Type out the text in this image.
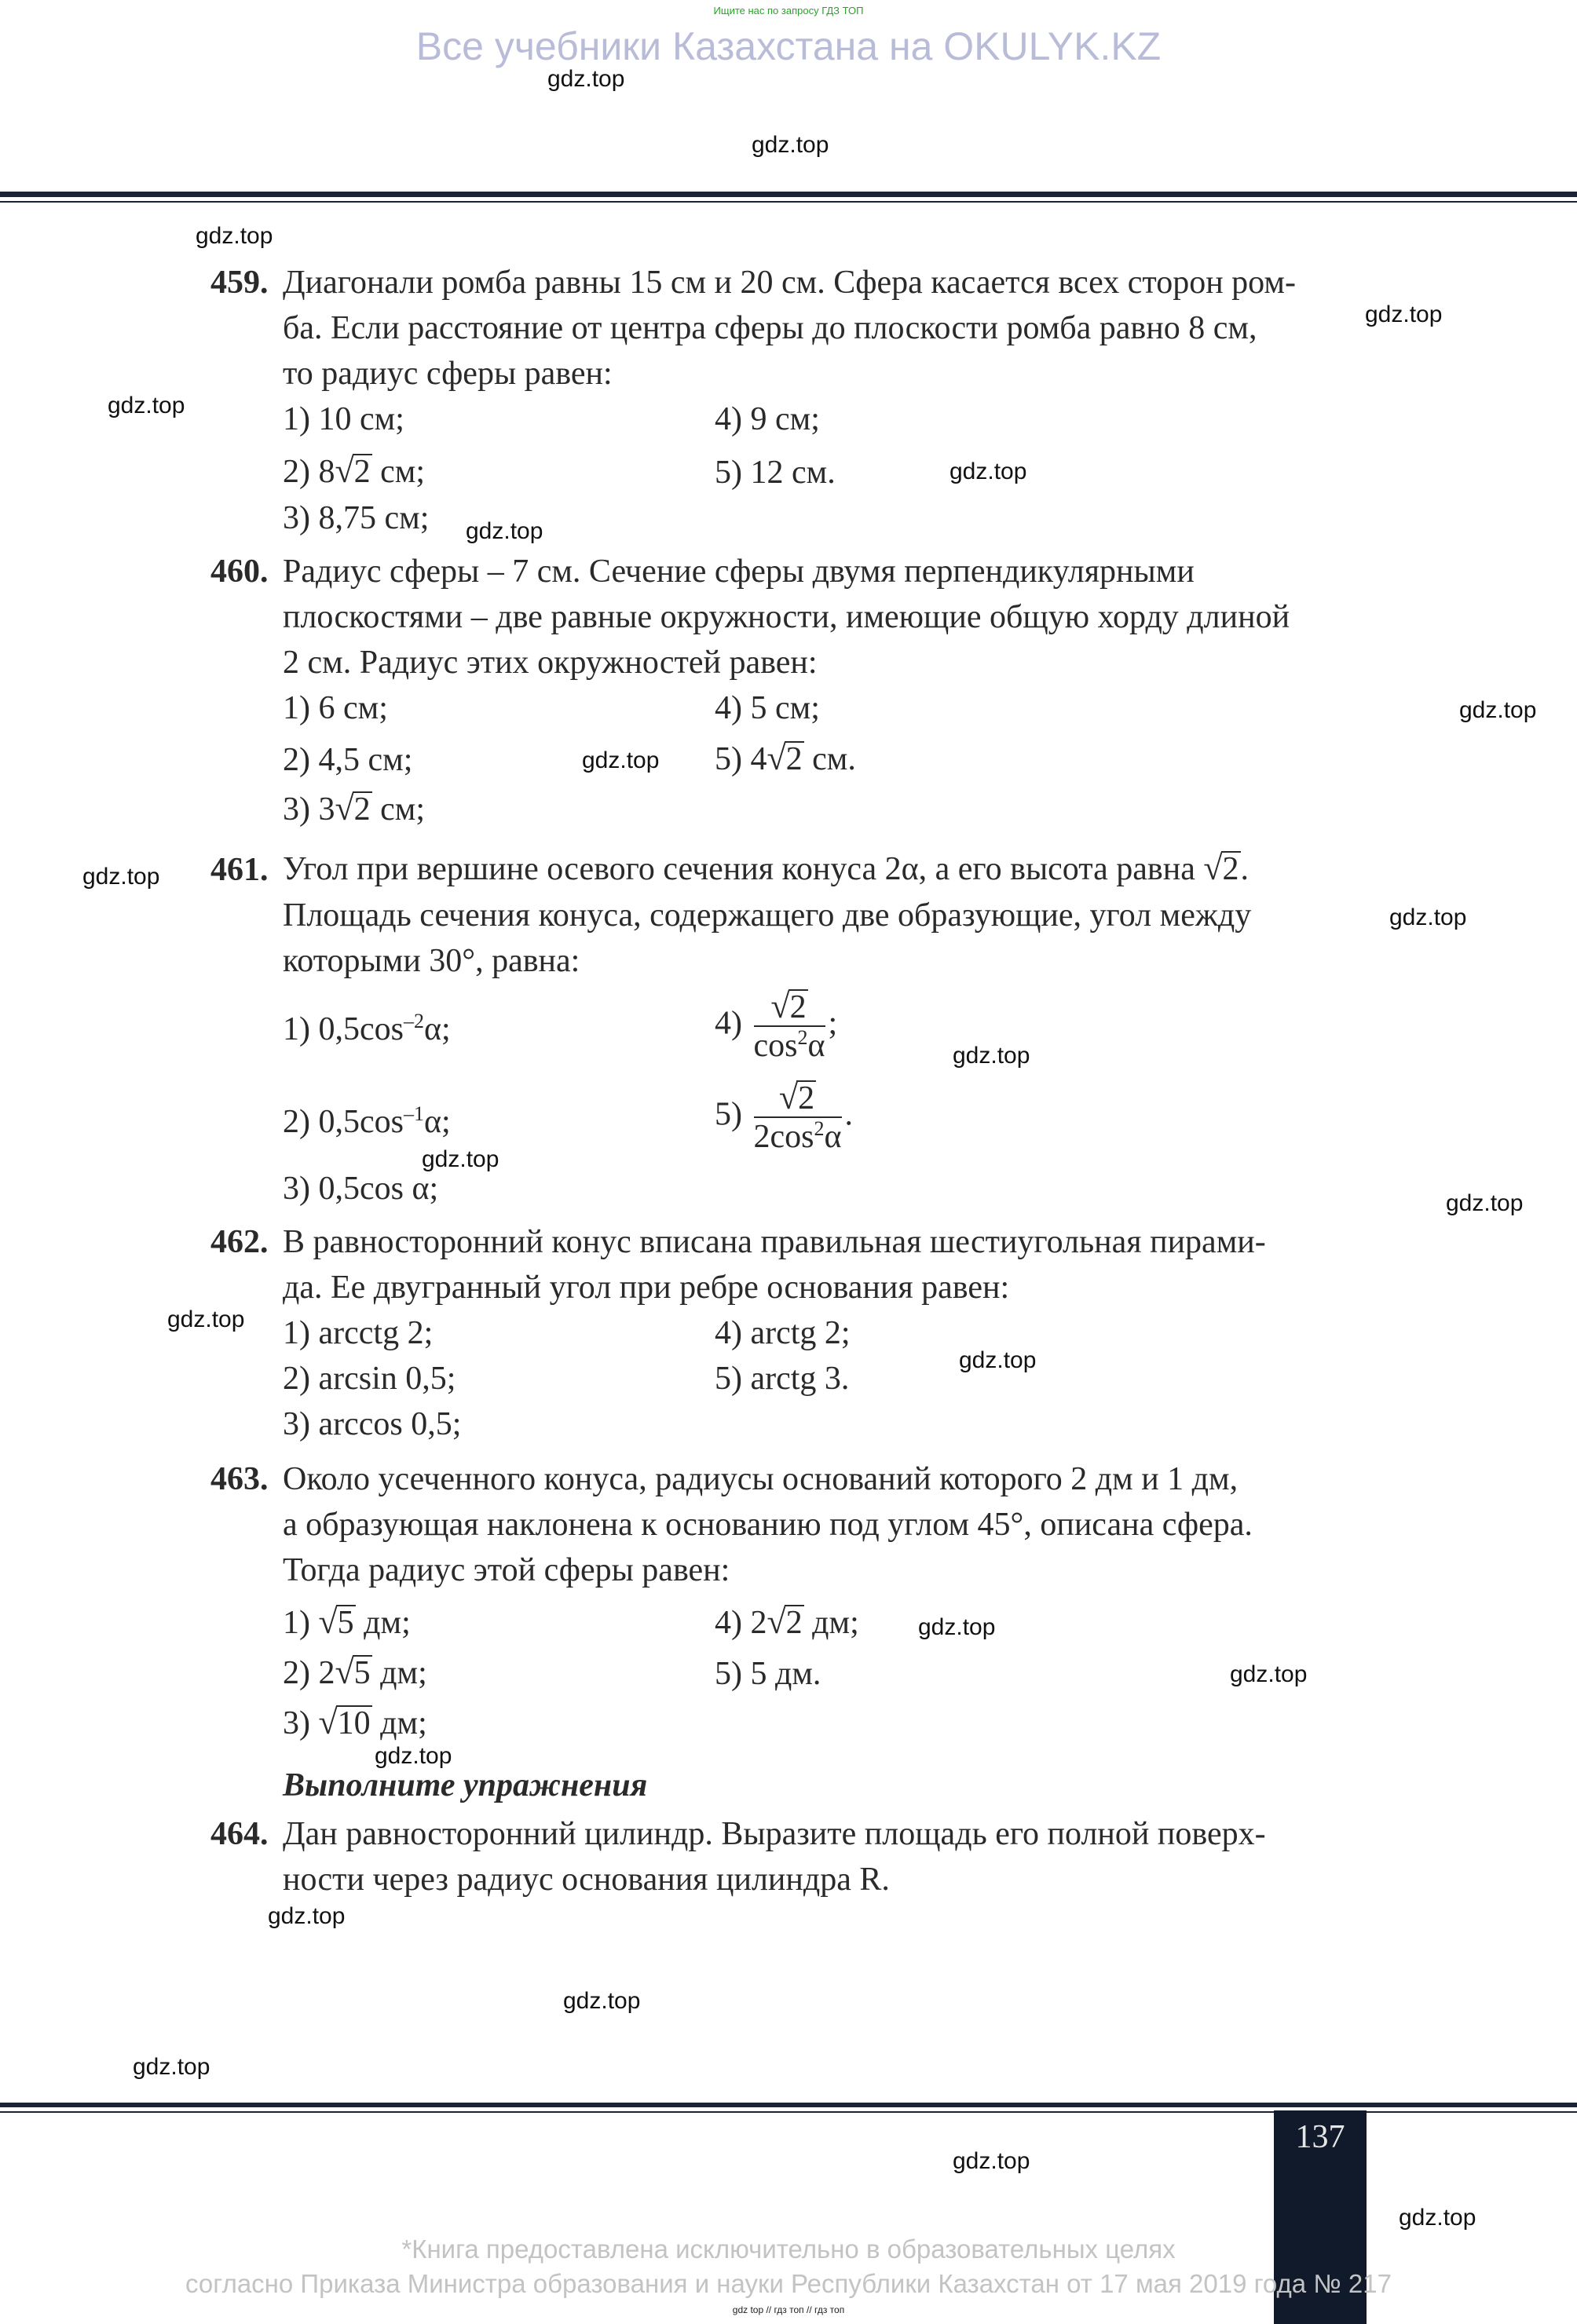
Ищите нас по запросу ГДЗ ТОП
Все учебники Казахстана на OKULYK.KZ
459. Диагонали ромба равны 15 см и 20 см. Сфера касается всех сторон ром-
ба. Если расстояние от центра сферы до плоскости ромба равно 8 см,
то радиус сферы равен:
1) 10 см;	4) 9 см;
2) 8√2 см;	5) 12 см.
3) 8,75 см;
460. Радиус сферы – 7 см. Сечение сферы двумя перпендикулярными
плоскостями – две равные окружности, имеющие общую хорду длиной
2 см. Радиус этих окружностей равен:
1) 6 см;	4) 5 см;
2) 4,5 см;	5) 4√2 см.
3) 3√2 см;
461. Угол при вершине осевого сечения конуса 2α, а его высота равна √2.
Площадь сечения конуса, содержащего две образующие, угол между
которыми 30°, равна:
1) $0,5\cos^{-2}\alpha$;	$4) \frac{√2}{\cos^2\alpha}$ ;
2) $0,5\cos^{-1}\alpha$;	$5) \frac{√2}{2\cos^2\alpha}$ .
3) 0,5cos α;
462. В равносторонний конус вписана правильная шестиугольная пирами-
да. Ее двугранный угол при ребре основания равен:
1) arcctg 2;	4) arctg 2;
2) arcsin 0,5;	5) arctg 3.
3) arccos 0,5;
463. Около усеченного конуса, радиусы оснований которого 2 дм и 1 дм,
а образующая наклонена к основанию под углом 45°, описана сфера.
Тогда радиус этой сферы равен:
1) √5 дм;	4) 2√2 дм;
2) 2√5 дм;	5) 5 дм.
3) √10 дм;
Выполните упражнения
464. Дан равносторонний цилиндр. Выразите площадь его полной поверх-
ности через радиус основания цилиндра R.
gdz.top
gdz.top
gdz.top
gdz.top
gdz.top
gdz.top
gdz.top
gdz.top
gdz.top
gdz.top
gdz.top
gdz.top
gdz.top
gdz.top
gdz.top
gdz.top
gdz.top
gdz.top
gdz.top
gdz.top
gdz.top
gdz.top
gdz.top
gdz.top
137
*Книга предоставлена исключительно в образовательных целях
согласно Приказа Министра образования и науки Республики Казахстан от 17 мая 2019 года № 217
gdz top // гдз топ // гдз топ
